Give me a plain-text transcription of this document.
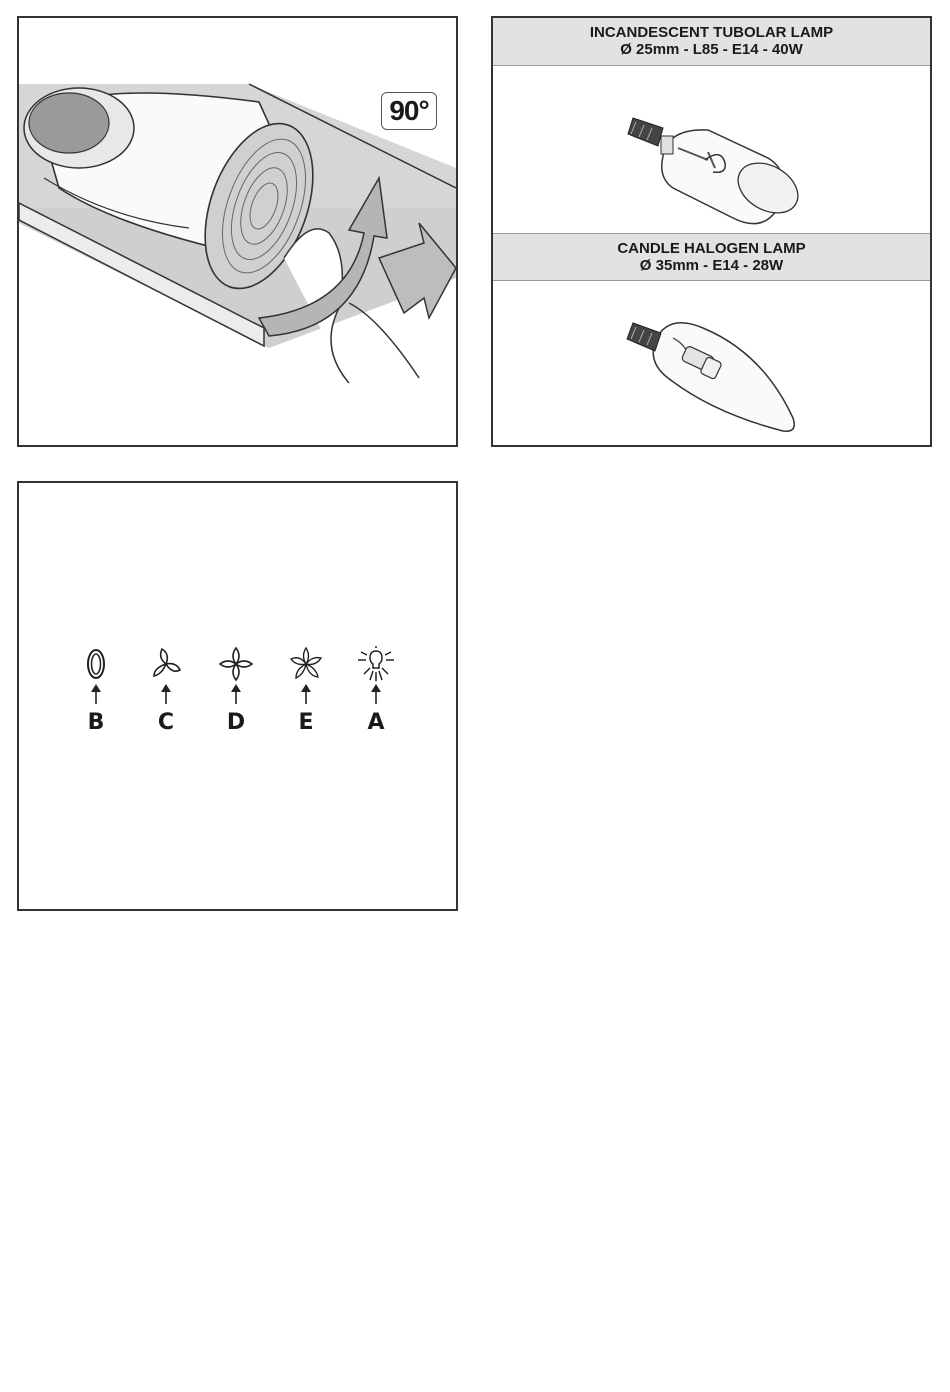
90°
INCANDESCENT TUBOLAR LAMP
Ø 25mm - L85 - E14 - 40W
CANDLE HALOGEN LAMP
Ø 35mm - E14 - 28W
B	C	D	E	A
